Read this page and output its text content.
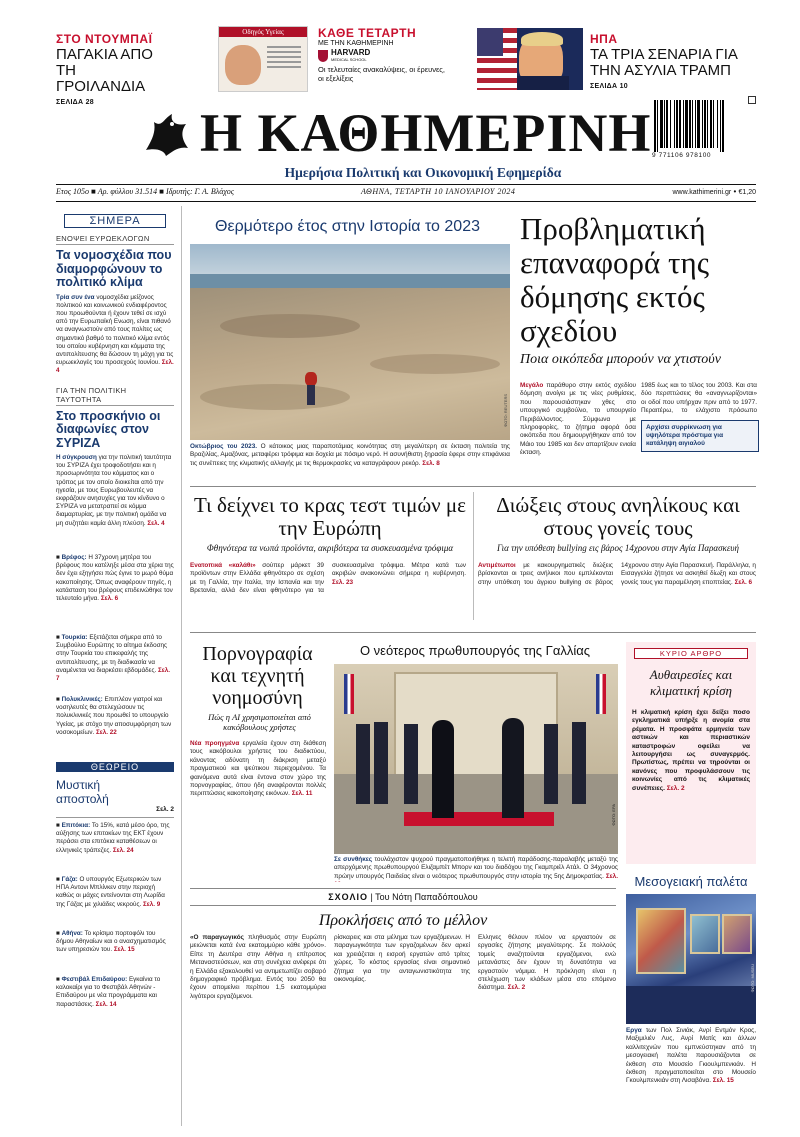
ΣΤΟ ΝΤΟΥΜΠΑΪ
ΠΑΓΑΚΙΑ ΑΠΟ ΤΗ ΓΡΟΙΛΑΝΔΙΑ
ΣΕΛΙΔΑ 28
Οδηγός Υγείας	ΚΑΘΕ ΤΕΤΑΡΤΗ
ΜΕ ΤΗΝ ΚΑΘΗΜΕΡΙΝΗ
HARVARD
MEDICAL SCHOOL
Οι τελευταίες ανακαλύψεις, οι έρευνες, οι εξελίξεις
ΗΠΑ
ΤΑ ΤΡΙΑ ΣΕΝΑΡΙΑ ΓΙΑ ΤΗΝ ΑΣΥΛΙΑ ΤΡΑΜΠ
ΣΕΛΙΔΑ 10
Η ΚΑΘΗΜΕΡΙΝΗ
Ημερήσια Πολιτική και Οικονομική Εφημερίδα
9 771106 978100
Ετος 105ο ■ Αρ. φύλλου 31.514 ■ Ιδρυτής: Γ. Α. Βλάχος	ΑΘΗΝΑ, ΤΕΤΑΡΤΗ 10 ΙΑΝΟΥΑΡΙΟΥ 2024	www.kathimerini.gr • €1,20
ΣΗΜΕΡΑ
ΕΝΟΨΕΙ ΕΥΡΩΕΚΛΟΓΩΝ
Τα νομοσχέδια που διαμορφώνουν το πολιτικό κλίμα
Τρία συν ένα νομοσχέδια μείζονος πολιτικού και κοινωνικού ενδιαφέροντος που προωθούνται ή έχουν τεθεί σε ισχύ από την Ευρωπαϊκή Ενωση, είναι πιθανό να αναγνωστούν από τους πολίτες ως σημαντικό βαθμό το πολιτικό κλίμα εντός του οποίου κυβέρνηση και κόμματα της αντιπολίτευσης θα δώσουν τη μάχη για τις ευρωεκλογές του προσεχούς Ιουνίου. Σελ. 4
ΓΙΑ ΤΗΝ ΠΟΛΙΤΙΚΗ ΤΑΥΤΟΤΗΤΑ
Στο προσκήνιο οι διαφωνίες στον ΣΥΡΙΖΑ
Η σύγκρουση για την πολιτική ταυτότητα του ΣΥΡΙΖΑ έχει τροφοδοτήσει και η προσωρινότητα του κόμματος και ο τρόπος με τον οποίο διοικείται από την ηγεσία, με τους Ευρωβουλευτές να εκφράζουν ανησυχίες για τον κίνδυνο ο ΣΥΡΙΖΑ να μετατραπεί σε κόμμα διαμαρτυρίας, με την πολιτική ομάδα να μη συζητάει καμία άλλη πλεύση. Σελ. 4
■ Βρέφος: Η 37χρονη μητέρα του βρέφους που κατέληξε μέσα στα χέρια της δεν έχει εξηγήσει πώς έγινε το μωρό θύμα κακοποίησης. Όπως αναφέρουν πηγές, η κατάσταση του βρέφους επιδεινώθηκε τον τελευταίο μήνα. Σελ. 6
■ Τουρκία: Εξετάζεται σήμερα από το Συμβούλιο Ευρώπης το αίτημα έκδοσης στην Τουρκία του επικεφαλής της αντιπολίτευσης, με τη διαδικασία να αναμένεται να διαρκέσει εβδομάδες. Σελ. 7
■ Πολυκλινικές: Επιπλέον γιατροί και νοσηλευτές θα στελεχώσουν τις πολυκλινικές που προωθεί το υπουργείο Υγείας, με στόχο την αποσυμφόρηση των νοσοκομείων. Σελ. 22
ΘΕΩΡΕΙΟ
Μυστική αποστολή
Σελ. 2
■ Επιτόκια: Το 15%, κατά μέσο όρο, της αύξησης των επιτοκίων της ΕΚΤ έχουν περάσει στα επιτόκια καταθέσεων οι ελληνικές τράπεζες. Σελ. 24
■ Γάζα: Ο υπουργός Εξωτερικών των ΗΠΑ Αντονι Μπλίνκεν στην περιοχή καθώς οι μάχες εντείνονται στη Λωρίδα της Γάζας με χιλιάδες νεκρούς. Σελ. 9
■ Αθήνα: Το κρίσιμο πορτοφόλι του δήμου Αθηναίων και ο ανασχηματισμός των υπηρεσιών του. Σελ. 15
■ Φεστιβάλ Επιδαύρου: Εγκαίνια το καλοκαίρι για το Φεστιβάλ Αθηνών - Επιδαύρου με νέα προγράμματα και παραστάσεις. Σελ. 14
Θερμότερο έτος στην Ιστορία το 2023
ΦΩΤΟ: REUTERS
Οκτώβριος του 2023. Ο κάτοικος μιας παραποτάμιας κοινότητας στη μεγαλύτερη σε έκταση πολιτεία της Βραζιλίας, Αμαζόνας, μεταφέρει τρόφιμα και δοχεία με πόσιμο νερό. Η ασυνήθιστη ξηρασία έφερε στην επιφάνεια τις συνέπειες της κλιματικής αλλαγής με τις θερμοκρασίες να καταγράφουν ρεκόρ. Σελ. 8
Προβληματική επαναφορά της δόμησης εκτός σχεδίου
Ποια οικόπεδα μπορούν να χτιστούν
Μεγάλο παράθυρο στην εκτός σχεδίου δόμηση ανοίγει με τις νέες ρυθμίσεις, που παρουσιάστηκαν χθες στο υπουργικό συμβούλιο, το υπουργείο Περιβάλλοντος. Σύμφωνα με πληροφορίες, το ζήτημα αφορά όσα οικόπεδα που δημιουργήθηκαν από τον Μάιο του 1985 και δεν απαρτίζουν ενιαία έκταση.
1985 έως και το τέλος του 2003. Και στα δύο περιπτώσεις θα «αναγνωρίζονται» οι οδοί που υπήρχαν πριν από το 1977. Περαιτέρω, το ελάχιστο πρόσωπο
Αρχίσει συρρίκνωση για υψηλότερα πρόστιμα για κατάληψη αιγιαλού
Τι δείχνει το κρας τεστ τιμών με την Ευρώπη
Φθηνότερα τα νωπά προϊόντα, ακριβότερα τα συσκευασμένα τρόφιμα
Ενατοπικά «καλάθι» σούπερ μάρκετ 39 προϊόντων στην Ελλάδα φθηνότερο σε σχέση με τη Γαλλία, την Ιταλία, την Ισπανία και την Βρετανία, αλλά δεν είναι φθηνότερο για τα συσκευασμένα τρόφιμα. Μέτρα κατά των ακριβών ανακοινώνει σήμερα η κυβέρνηση. Σελ. 23
Διώξεις στους ανηλίκους και στους γονείς τους
Για την υπόθεση bullying εις βάρος 14χρονου στην Αγία Παρασκευή
Αντιμέτωποι με κακουργηματικές διώξεις βρίσκονται οι τρεις ανήλικοι που εμπλέκονται στην υπόθεση του άγριου bullying σε βάρος 14χρονου στην Αγία Παρασκευή. Παράλληλα, η Εισαγγελία ζήτησε να ασκηθεί δίωξη και στους γονείς τους για παραμέληση εποπτείας. Σελ. 6
Πορνογραφία και τεχνητή νοημοσύνη
Πώς η AI χρησιμοποιείται από κακόβουλους χρήστες
Νέα προηγμένα εργαλεία έχουν στη διάθεση τους κακόβουλοι χρήστες του διαδικτύου, κάνοντας αδύνατη τη διάκριση μεταξύ πραγματικού και ψεύτικου περιεχομένου. Τα φαινόμενα αυτά είναι έντονα στον χώρο της πορνογραφίας, όπου ήδη αναφέρονται πολλές περιπτώσεις κακοποίησης εικόνων. Σελ. 11
Ο νεότερος πρωθυπουργός της Γαλλίας
ΦΩΤΟ: EPA
Σε συνθήκες τουλάχιστον ψυχρού πραγματοποιήθηκε η τελετή παράδοσης-παραλαβής μεταξύ της απερχόμενης πρωθυπουργού Ελιζαμπέτ Μπορν και του διαδόχου της Γκαμπριέλ Ατάλ. Ο 34χρονος πρώην υπουργός Παιδείας είναι ο νεότερος πρωθυπουργός στην ιστορία της 5ης Δημοκρατίας. Σελ.
ΚΥΡΙΟ ΑΡΘΡΟ
Αυθαιρεσίες και κλιματική κρίση
Η κλιματική κρίση έχει δείξει ποσο εγκληματικά υπήρξε η ανομία στα ρέματα. Η προσφάτα ερμηνεία των αστικών και περιαστικών καταστροφών οφείλει να λειτουργήσει ως συναγερμός. Πρωτίστως, πρέπει να τηρούνται οι κανόνες που προφυλάσσουν τις κοινωνίες από τις κλιματικές συνέπειες. Σελ. 2
ΣΧΟΛΙΟ | Του Νότη Παπαδόπουλου
Προκλήσεις από το μέλλον
«Ο παραγωγικός πληθυσμός στην Ευρώπη μειώνεται κατά ένα εκατομμύριο κάθε χρόνο». Είπε τη Δευτέρα στην Αθήνα η επίτροπος Μεταναστεύσεων, και στη συνέχεια ανέφερε ότι η Ελλάδα εξακολουθεί να αντιμετωπίζει σοβαρό δημογραφικό πρόβλημα. Εντός του 2050 θα έχουν απομείνει περίπου 1,5 εκατομμύρια λιγότεροι εργαζόμενοι.
ρίσκαρεις και στα μέλημα των εργαζόμενων. Η παραγωγικότητα των εργαζομένων δεν αρκεί και χρειάζεται η εισροή εργατών από τρίτες χώρες. Το κόστος εργασίας είναι σημαντικό ζήτημα για την ανταγωνιστικότητα της οικονομίας.
Ελληνες θέλουν πλέον να εργαστούν σε εργασίες ζήτησης μεγαλύτερης. Σε πολλούς τομείς αναζητούνται εργαζόμενοι, ενώ μετανάστες δεν έχουν τη δυνατότητα να εργαστούν νόμιμα. Η πρόκληση είναι η στελέχωση των κλάδων μέσα στο επόμενο διάστημα. Σελ. 2
Μεσογειακή παλέτα
ΦΩΤΟ: MUSEU
Εργα των Πολ Σινιάκ, Ανρί Εντμόν Κρος, Μαξιμιλιέν Λυς, Ανρί Ματίς και άλλων καλλιτεχνών που εμπνεύστηκαν από τη μεσογειακή παλέτα παρουσιάζονται σε έκθεση στο Μουσείο Γκιουλμπενκιάν. Η έκθεση πραγματοποιείται στο Μουσείο Γκουλμπενκιάν στη Λισαβόνα. Σελ. 15
